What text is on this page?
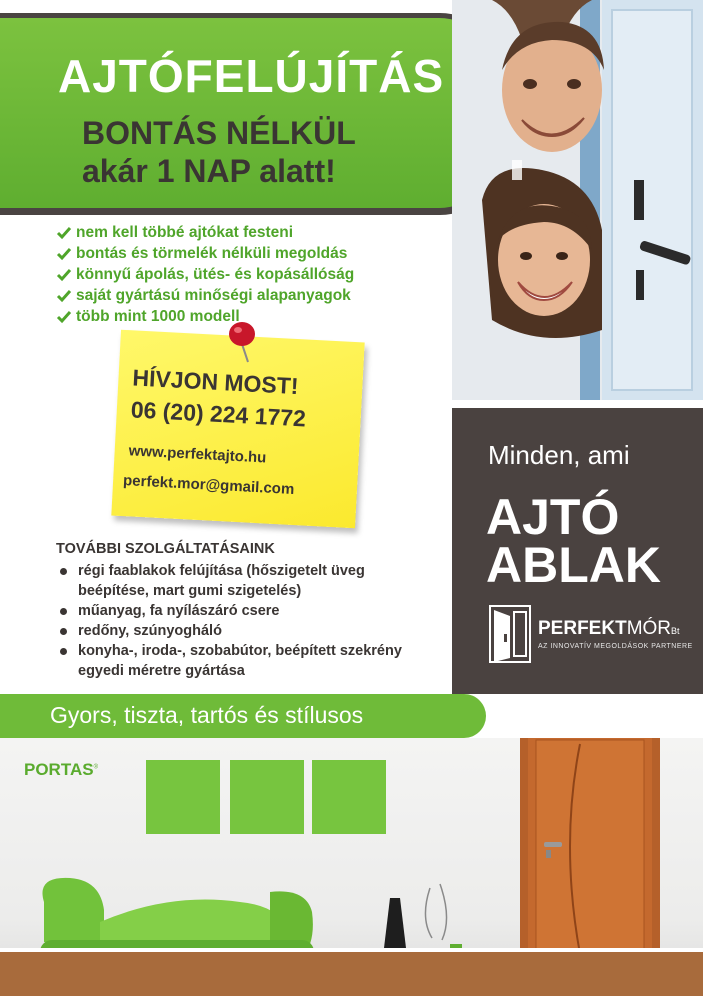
AJTÓFELÚJÍTÁS
BONTÁS NÉLKÜL
akár 1 NAP alatt!
nem kell többé ajtókat festeni
bontás és törmelék nélküli megoldás
könnyű ápolás, ütés- és kopásállóság
saját gyártású minőségi alapanyagok
több mint 1000 modell
HÍVJON MOST!
06 (20) 224 1772
www.perfektajto.hu
perfekt.mor@gmail.com
TOVÁBBI SZOLGÁLTATÁSAINK
régi faablakok felújítása (hőszigetelt üveg beépítése, mart gumi szigetelés)
műanyag, fa nyílászáró csere
redőny, szúnyogháló
konyha-, iroda-, szobabútor, beépített szekrény egyedi méretre gyártása
Minden, ami
AJTÓ
ABLAK
PERFEKTMÓRBt
AZ INNOVATÍV MEGOLDÁSOK PARTNERE
Gyors, tiszta, tartós és stílusos
PORTAS®
